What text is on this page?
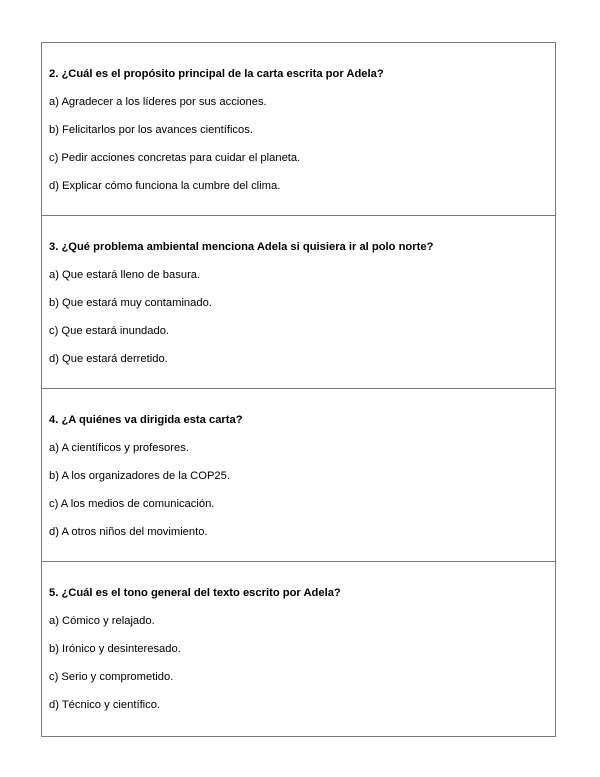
2. ¿Cuál es el propósito principal de la carta escrita por Adela?
a) Agradecer a los líderes por sus acciones.
b) Felicitarlos por los avances científicos.
c) Pedir acciones concretas para cuidar el planeta.
d) Explicar cómo funciona la cumbre del clima.
3. ¿Qué problema ambiental menciona Adela si quisiera ir al polo norte?
a) Que estará lleno de basura.
b) Que estará muy contaminado.
c) Que estará inundado.
d) Que estará derretido.
4. ¿A quiénes va dirigida esta carta?
a) A científicos y profesores.
b) A los organizadores de la COP25.
c) A los medios de comunicación.
d) A otros niños del movimiento.
5. ¿Cuál es el tono general del texto escrito por Adela?
a) Cómico y relajado.
b) Irónico y desinteresado.
c) Serio y comprometido.
d) Técnico y científico.
